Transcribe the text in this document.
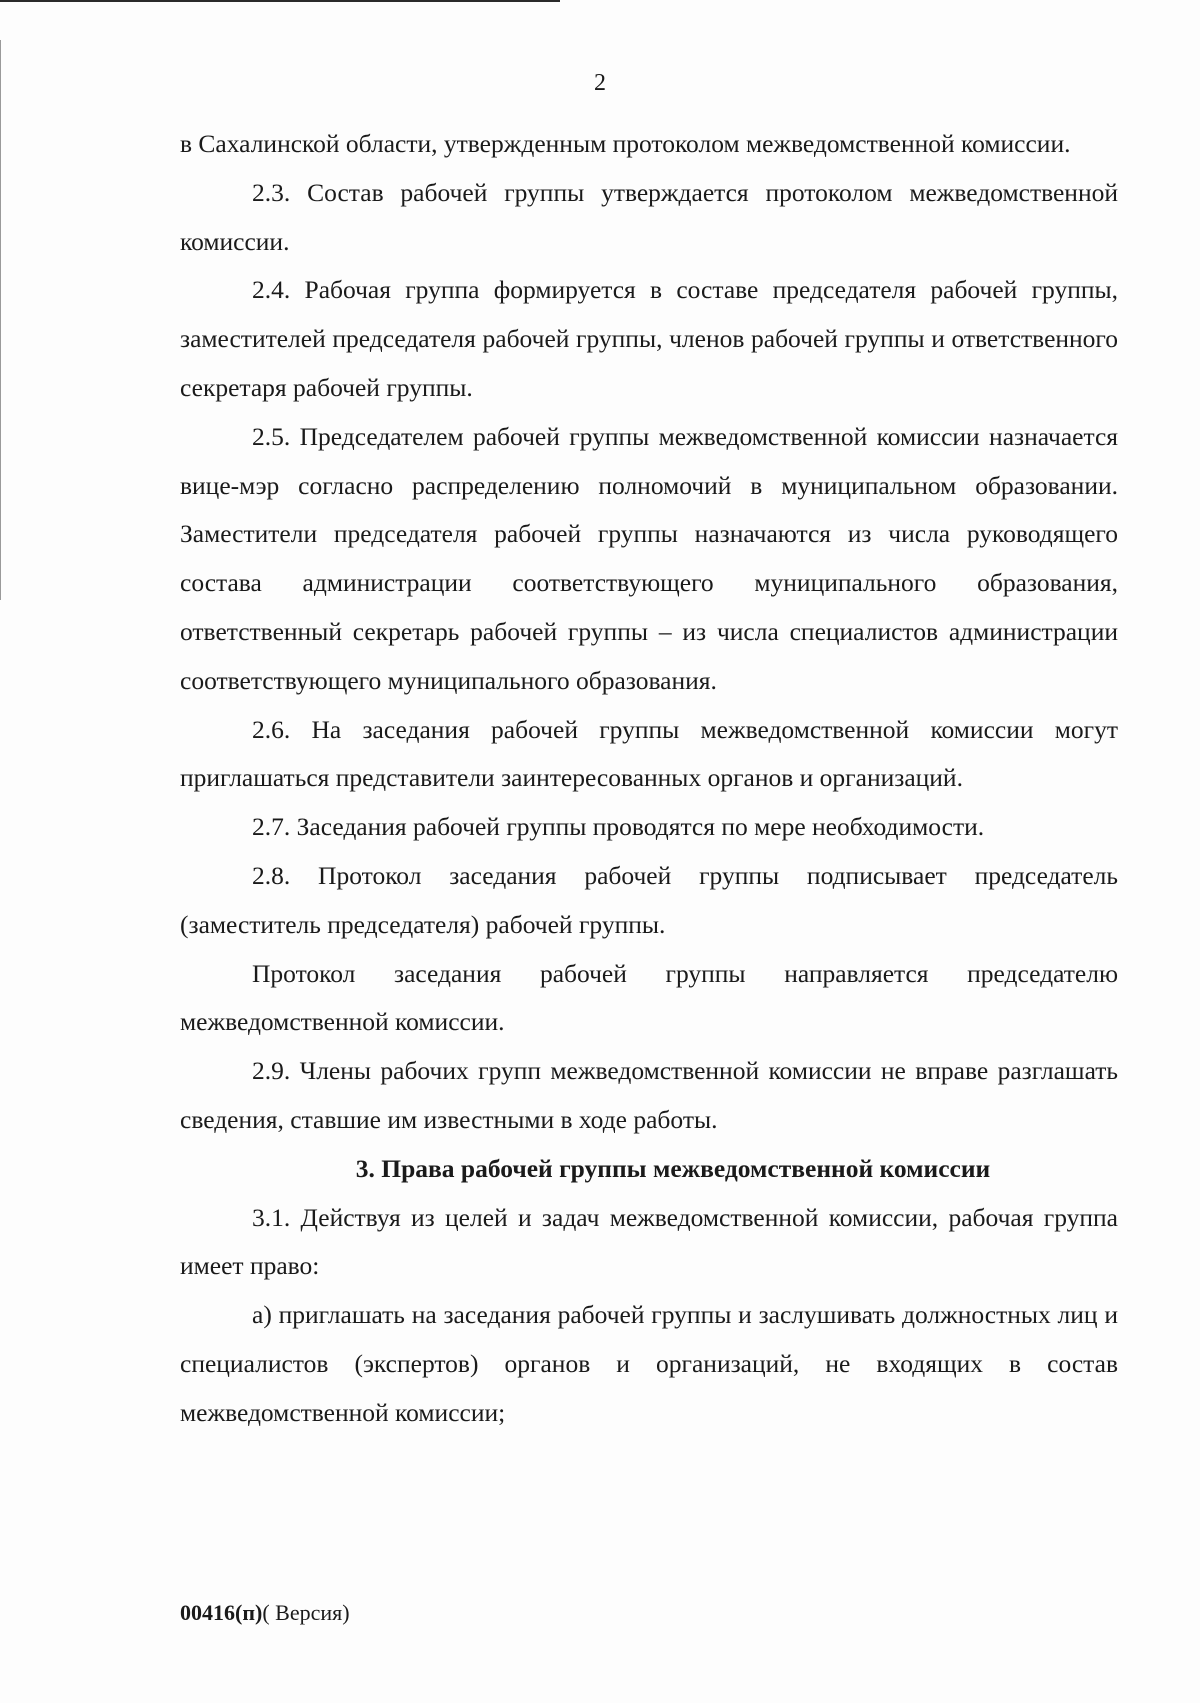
2

в Сахалинской области, утвержденным протоколом межведомственной комиссии.

2.3. Состав рабочей группы утверждается протоколом межведомственной комиссии.

2.4. Рабочая группа формируется в составе председателя рабочей группы, заместителей председателя рабочей группы, членов рабочей группы и ответственного секретаря рабочей группы.

2.5. Председателем рабочей группы межведомственной комиссии назначается вице-мэр согласно распределению полномочий в муниципальном образовании. Заместители председателя рабочей группы назначаются из числа руководящего состава администрации соответствующего муниципального образования, ответственный секретарь рабочей группы – из числа специалистов администрации соответствующего муниципального образования.

2.6. На заседания рабочей группы межведомственной комиссии могут приглашаться представители заинтересованных органов и организаций.

2.7. Заседания рабочей группы проводятся по мере необходимости.

2.8. Протокол заседания рабочей группы подписывает председатель (заместитель председателя) рабочей группы.

Протокол заседания рабочей группы направляется председателю межведомственной комиссии.

2.9. Члены рабочих групп межведомственной комиссии не вправе разглашать сведения, ставшие им известными в ходе работы.

3. Права рабочей группы межведомственной комиссии

3.1. Действуя из целей и задач межведомственной комиссии, рабочая группа имеет право:

а) приглашать на заседания рабочей группы и заслушивать должностных лиц и специалистов (экспертов) органов и организаций, не входящих в состав межведомственной комиссии;

00416(п)( Версия)
